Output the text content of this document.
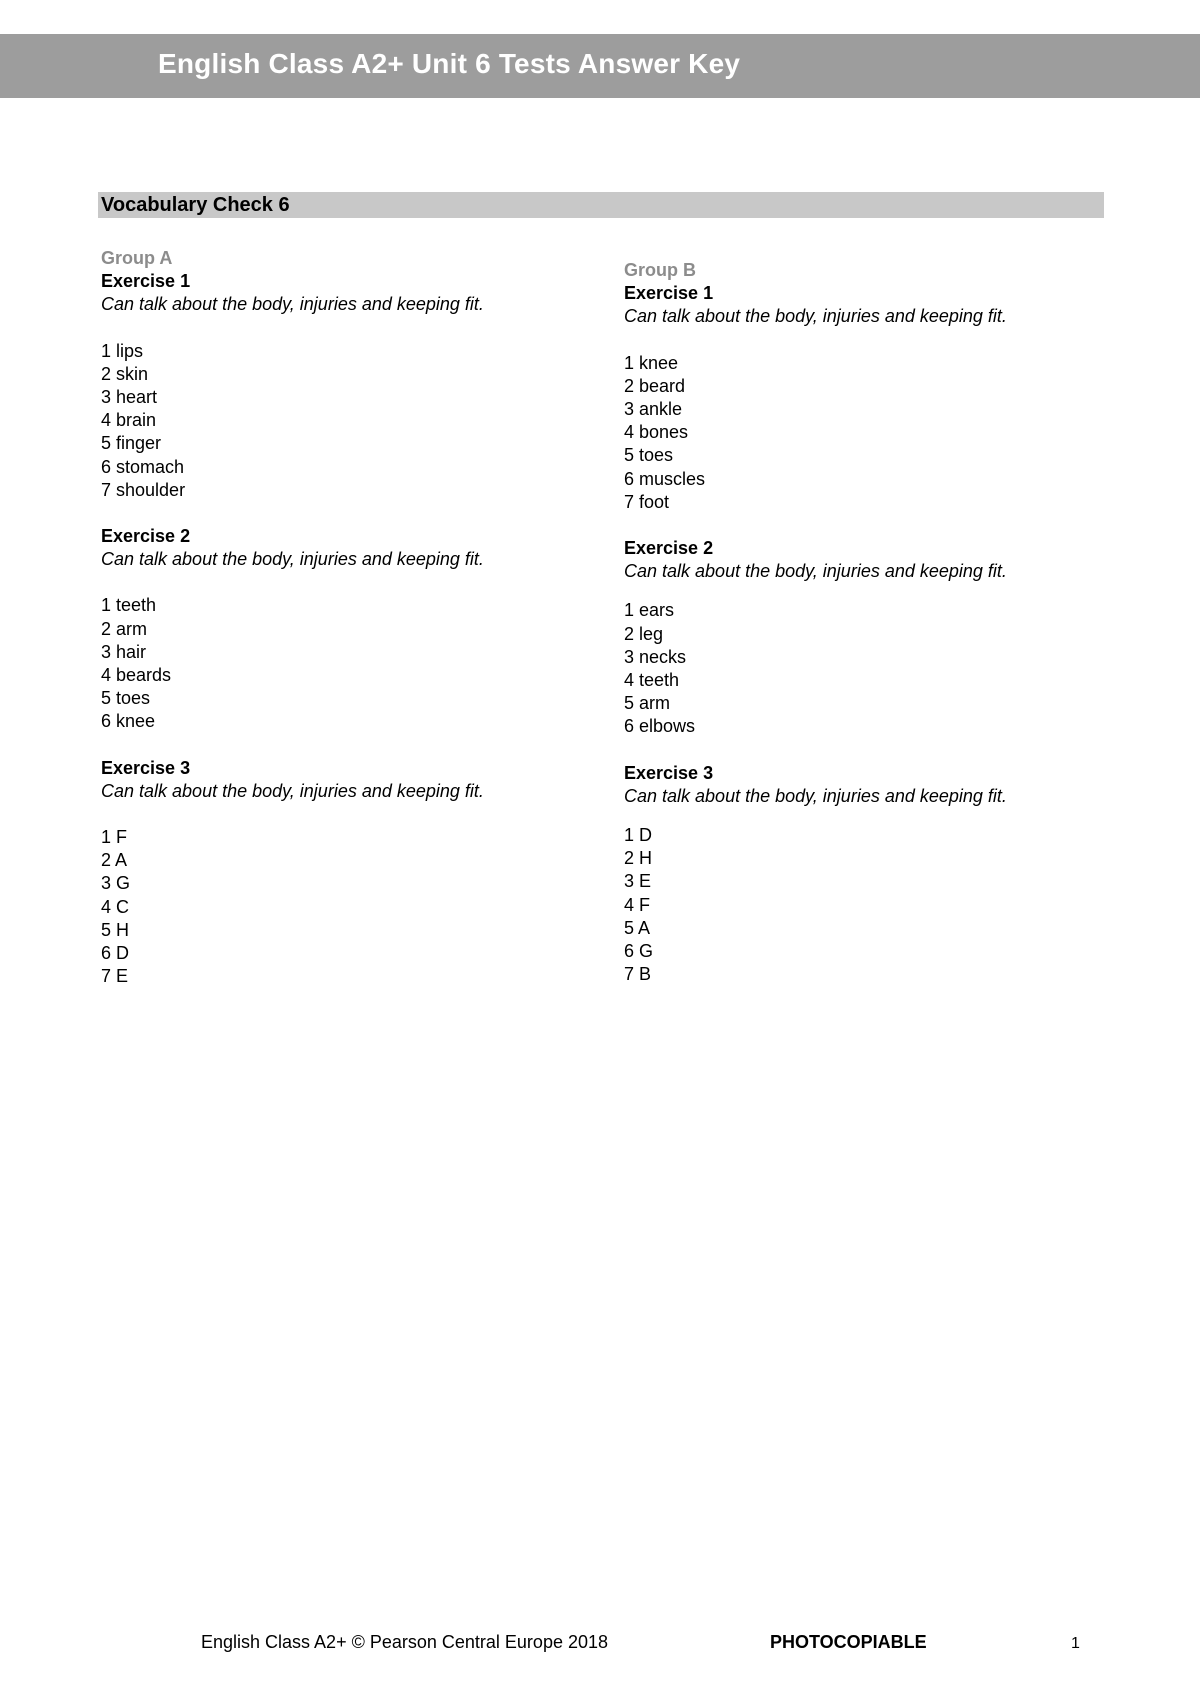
English Class A2+ Unit 6 Tests Answer Key
Vocabulary Check 6
Group A
Exercise 1
Can talk about the body, injuries and keeping fit.
1 lips
2 skin
3 heart
4 brain
5 finger
6 stomach
7 shoulder
Exercise 2
Can talk about the body, injuries and keeping fit.
1 teeth
2 arm
3 hair
4 beards
5 toes
6 knee
Exercise 3
Can talk about the body, injuries and keeping fit.
1 F
2 A
3 G
4 C
5 H
6 D
7 E
Group B
Exercise 1
Can talk about the body, injuries and keeping fit.
1 knee
2 beard
3 ankle
4 bones
5 toes
6 muscles
7 foot
Exercise 2
Can talk about the body, injuries and keeping fit.
1 ears
2 leg
3 necks
4 teeth
5 arm
6 elbows
Exercise 3
Can talk about the body, injuries and keeping fit.
1 D
2 H
3 E
4 F
5 A
6 G
7 B
English Class A2+ © Pearson Central Europe 2018	PHOTOCOPIABLE	1
